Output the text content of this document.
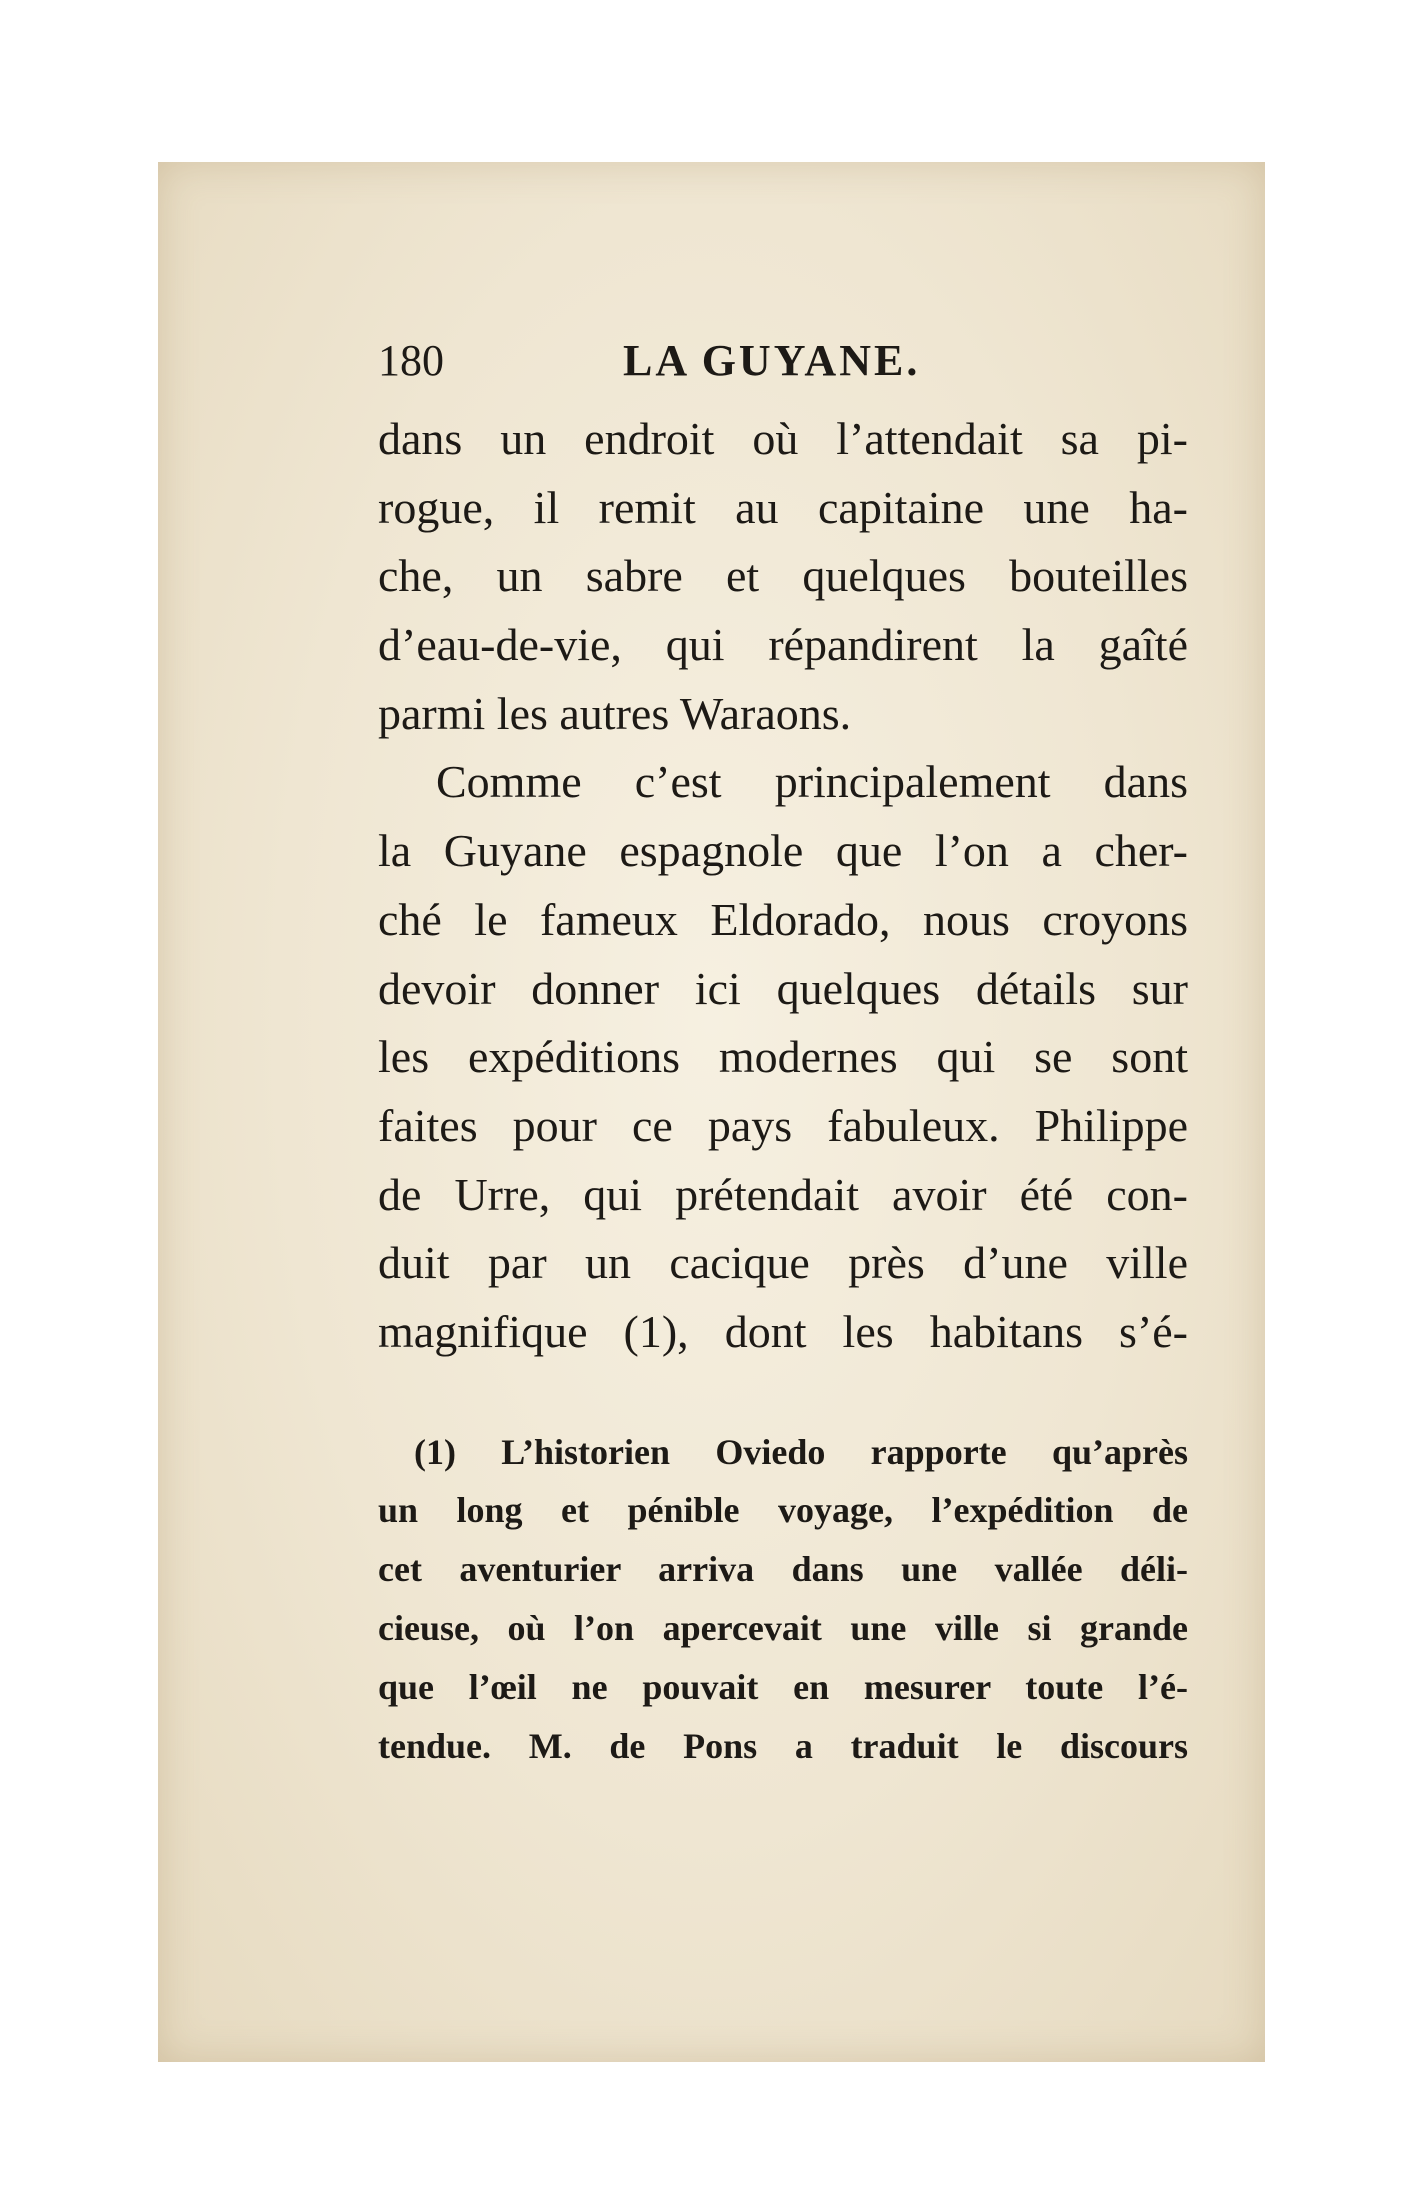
180	LA GUYANE.
dans un endroit où l’attendait sa pi-
rogue, il remit au capitaine une ha-
che, un sabre et quelques bouteilles
d’eau-de-vie, qui répandirent la gaîté
parmi les autres Waraons.
Comme c’est principalement dans
la Guyane espagnole que l’on a cher-
ché le fameux Eldorado, nous croyons
devoir donner ici quelques détails sur
les expéditions modernes qui se sont
faites pour ce pays fabuleux. Philippe
de Urre, qui prétendait avoir été con-
duit par un cacique près d’une ville
magnifique (1), dont les habitans s’é-
(1) L’historien Oviedo rapporte qu’après
un long et pénible voyage, l’expédition de
cet aventurier arriva dans une vallée déli-
cieuse, où l’on apercevait une ville si grande
que l’œil ne pouvait en mesurer toute l’é-
tendue. M. de Pons a traduit le discours
